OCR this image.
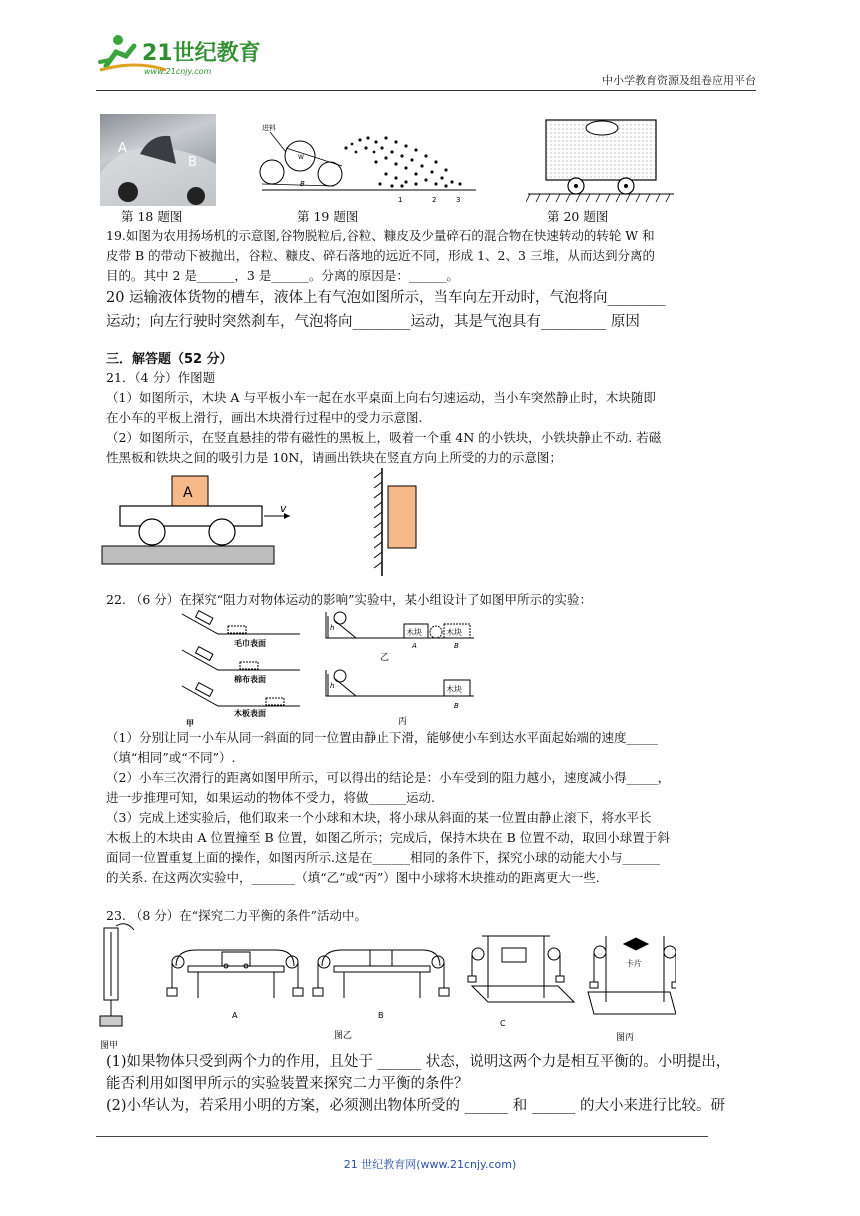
21世纪教育
www.21cnjy.com
中小学教育资源及组卷应用平台
A
B
进料
W
B
1	2	3
第 18 题图	第 19 题图	第 20 题图
19.如图为农用扬场机的示意图,谷物脱粒后,谷粒、糠皮及少量碎石的混合物在快速转动的转轮 W 和
皮带 B 的带动下被抛出，谷粒、糠皮、碎石落地的远近不同，形成 1、2、3 三堆，从而达到分离的
目的。其中 2 是______，3 是______。分离的原因是：______。
20 运输液体货物的槽车，液体上有气泡如图所示，当车向左开动时，气泡将向________
运动；向左行驶时突然刹车，气泡将向________运动，其是气泡具有_________ 原因
三．解答题（52 分）
21．（4 分）作图题
（1）如图所示，木块 A 与平板小车一起在水平桌面上向右匀速运动，当小车突然静止时，木块随即
在小车的平板上滑行，画出木块滑行过程中的受力示意图.
（2）如图所示，在竖直悬挂的带有磁性的黑板上，吸着一个重 4N 的小铁块，小铁块静止不动. 若磁
性黑板和铁块之间的吸引力是 10N，请画出铁块在竖直方向上所受的力的示意图；
A
v
22. （6 分）在探究“阻力对物体运动的影响”实验中，某小组设计了如图甲所示的实验：
毛巾表面
棉布表面
木板表面
甲
h	木块	木块
A	B
乙
h	木块
B
丙
（1）分别让同一小车从同一斜面的同一位置由静止下滑，能够使小车到达水平面起始端的速度_____
（填“相同”或“不同”）.
（2）小车三次滑行的距离如图甲所示，可以得出的结论是：小车受到的阻力越小，速度减小得_____，
进一步推理可知，如果运动的物体不受力，将做______运动.
（3）完成上述实验后，他们取来一个小球和木块，将小球从斜面的某一位置由静止滚下，将水平长
木板上的木块由 A 位置撞至 B 位置，如图乙所示；完成后，保持木块在 B 位置不动，取回小球置于斜
面同一位置重复上面的操作，如图丙所示.这是在______相同的条件下，探究小球的动能大小与______
的关系. 在这两次实验中，_______（填“乙”或“丙”）图中小球将木块推动的距离更大一些.
23. （8 分）在“探究二力平衡的条件”活动中。
图甲
A	B
图乙
C
卡片
图丙
(1)如果物体只受到两个力的作用，且处于 ______ 状态，说明这两个力是相互平衡的。小明提出，
能否利用如图甲所示的实验装置来探究二力平衡的条件？
(2)小华认为，若采用小明的方案，必须测出物体所受的 ______ 和 ______ 的大小来进行比较。研
21 世纪教育网(www.21cnjy.com)
